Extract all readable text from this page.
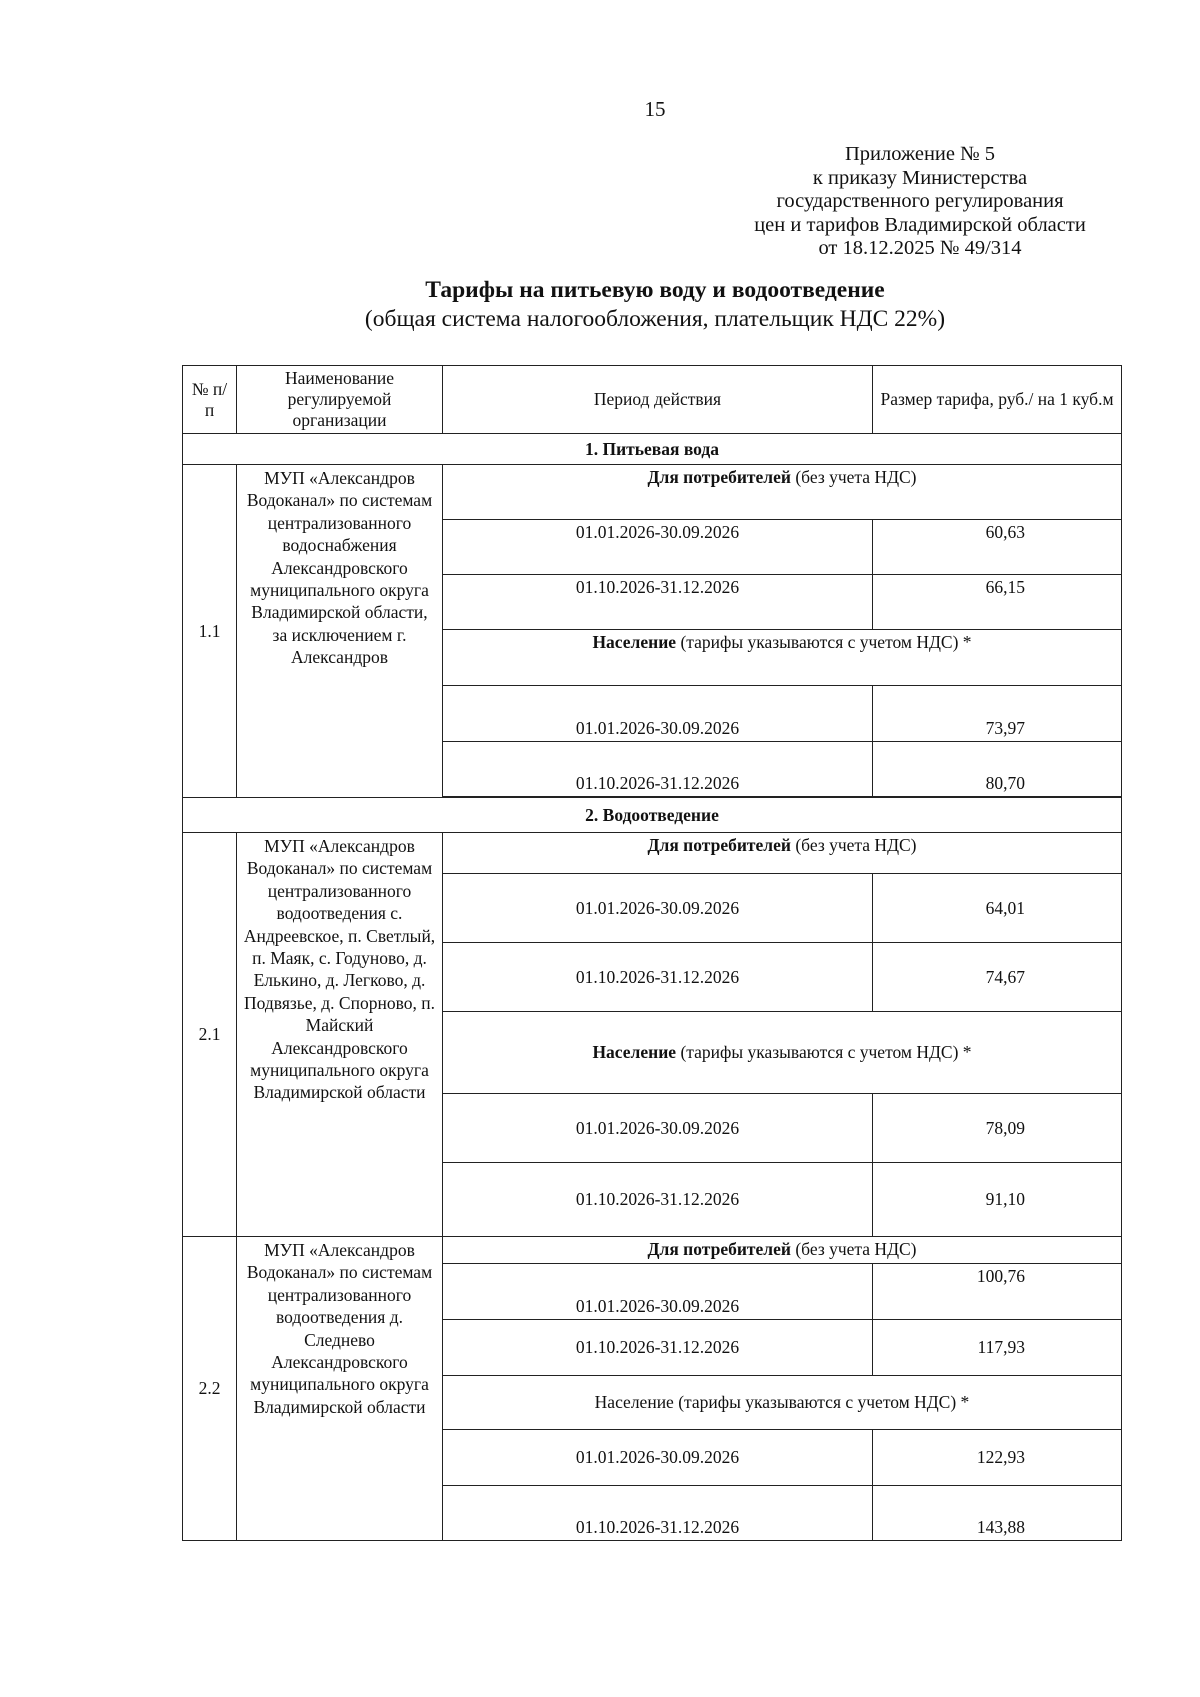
15
Приложение № 5
к приказу Министерства
государственного регулирования
цен и тарифов Владимирской области
от 18.12.2025 № 49/314
Тарифы на питьевую воду и водоотведение
(общая система налогообложения, плательщик НДС 22%)
№ п/п	Наименование регулируемой организации	Период действия	Размер тарифа, руб./ на 1 куб.м
1. Питьевая вода			
1.1	МУП «Александров Водоканал» по системам централизованного водоснабжения Александровского муниципального округа Владимирской области, за исключением г. Александров	Для потребителей (без учета НДС)	
		01.01.2026-30.09.2026	60,63
		01.10.2026-31.12.2026	66,15
		Население (тарифы указываются с учетом НДС) *	
		01.01.2026-30.09.2026	73,97
		01.10.2026-31.12.2026	80,70

2. Водоотведение			
2.1	МУП «Александров Водоканал» по системам централизованного водоотведения с. Андреевское, п. Светлый, п. Маяк, с. Годуново, д. Елькино, д. Легково, д. Подвязье, д. Спорново, п. Майский Александровского муниципального округа Владимирской области	Для потребителей (без учета НДС)	
		01.01.2026-30.09.2026	64,01
		01.10.2026-31.12.2026	74,67
		Население (тарифы указываются с учетом НДС) *	
		01.01.2026-30.09.2026	78,09
		01.10.2026-31.12.2026	91,10
2.2	МУП «Александров Водоканал» по системам централизованного водоотведения д. Следнево Александровского муниципального округа Владимирской области	Для потребителей (без учета НДС)	
		01.01.2026-30.09.2026	100,76
		01.10.2026-31.12.2026	117,93
		Население (тарифы указываются с учетом НДС) *	
		01.01.2026-30.09.2026	122,93
		01.10.2026-31.12.2026	143,88
